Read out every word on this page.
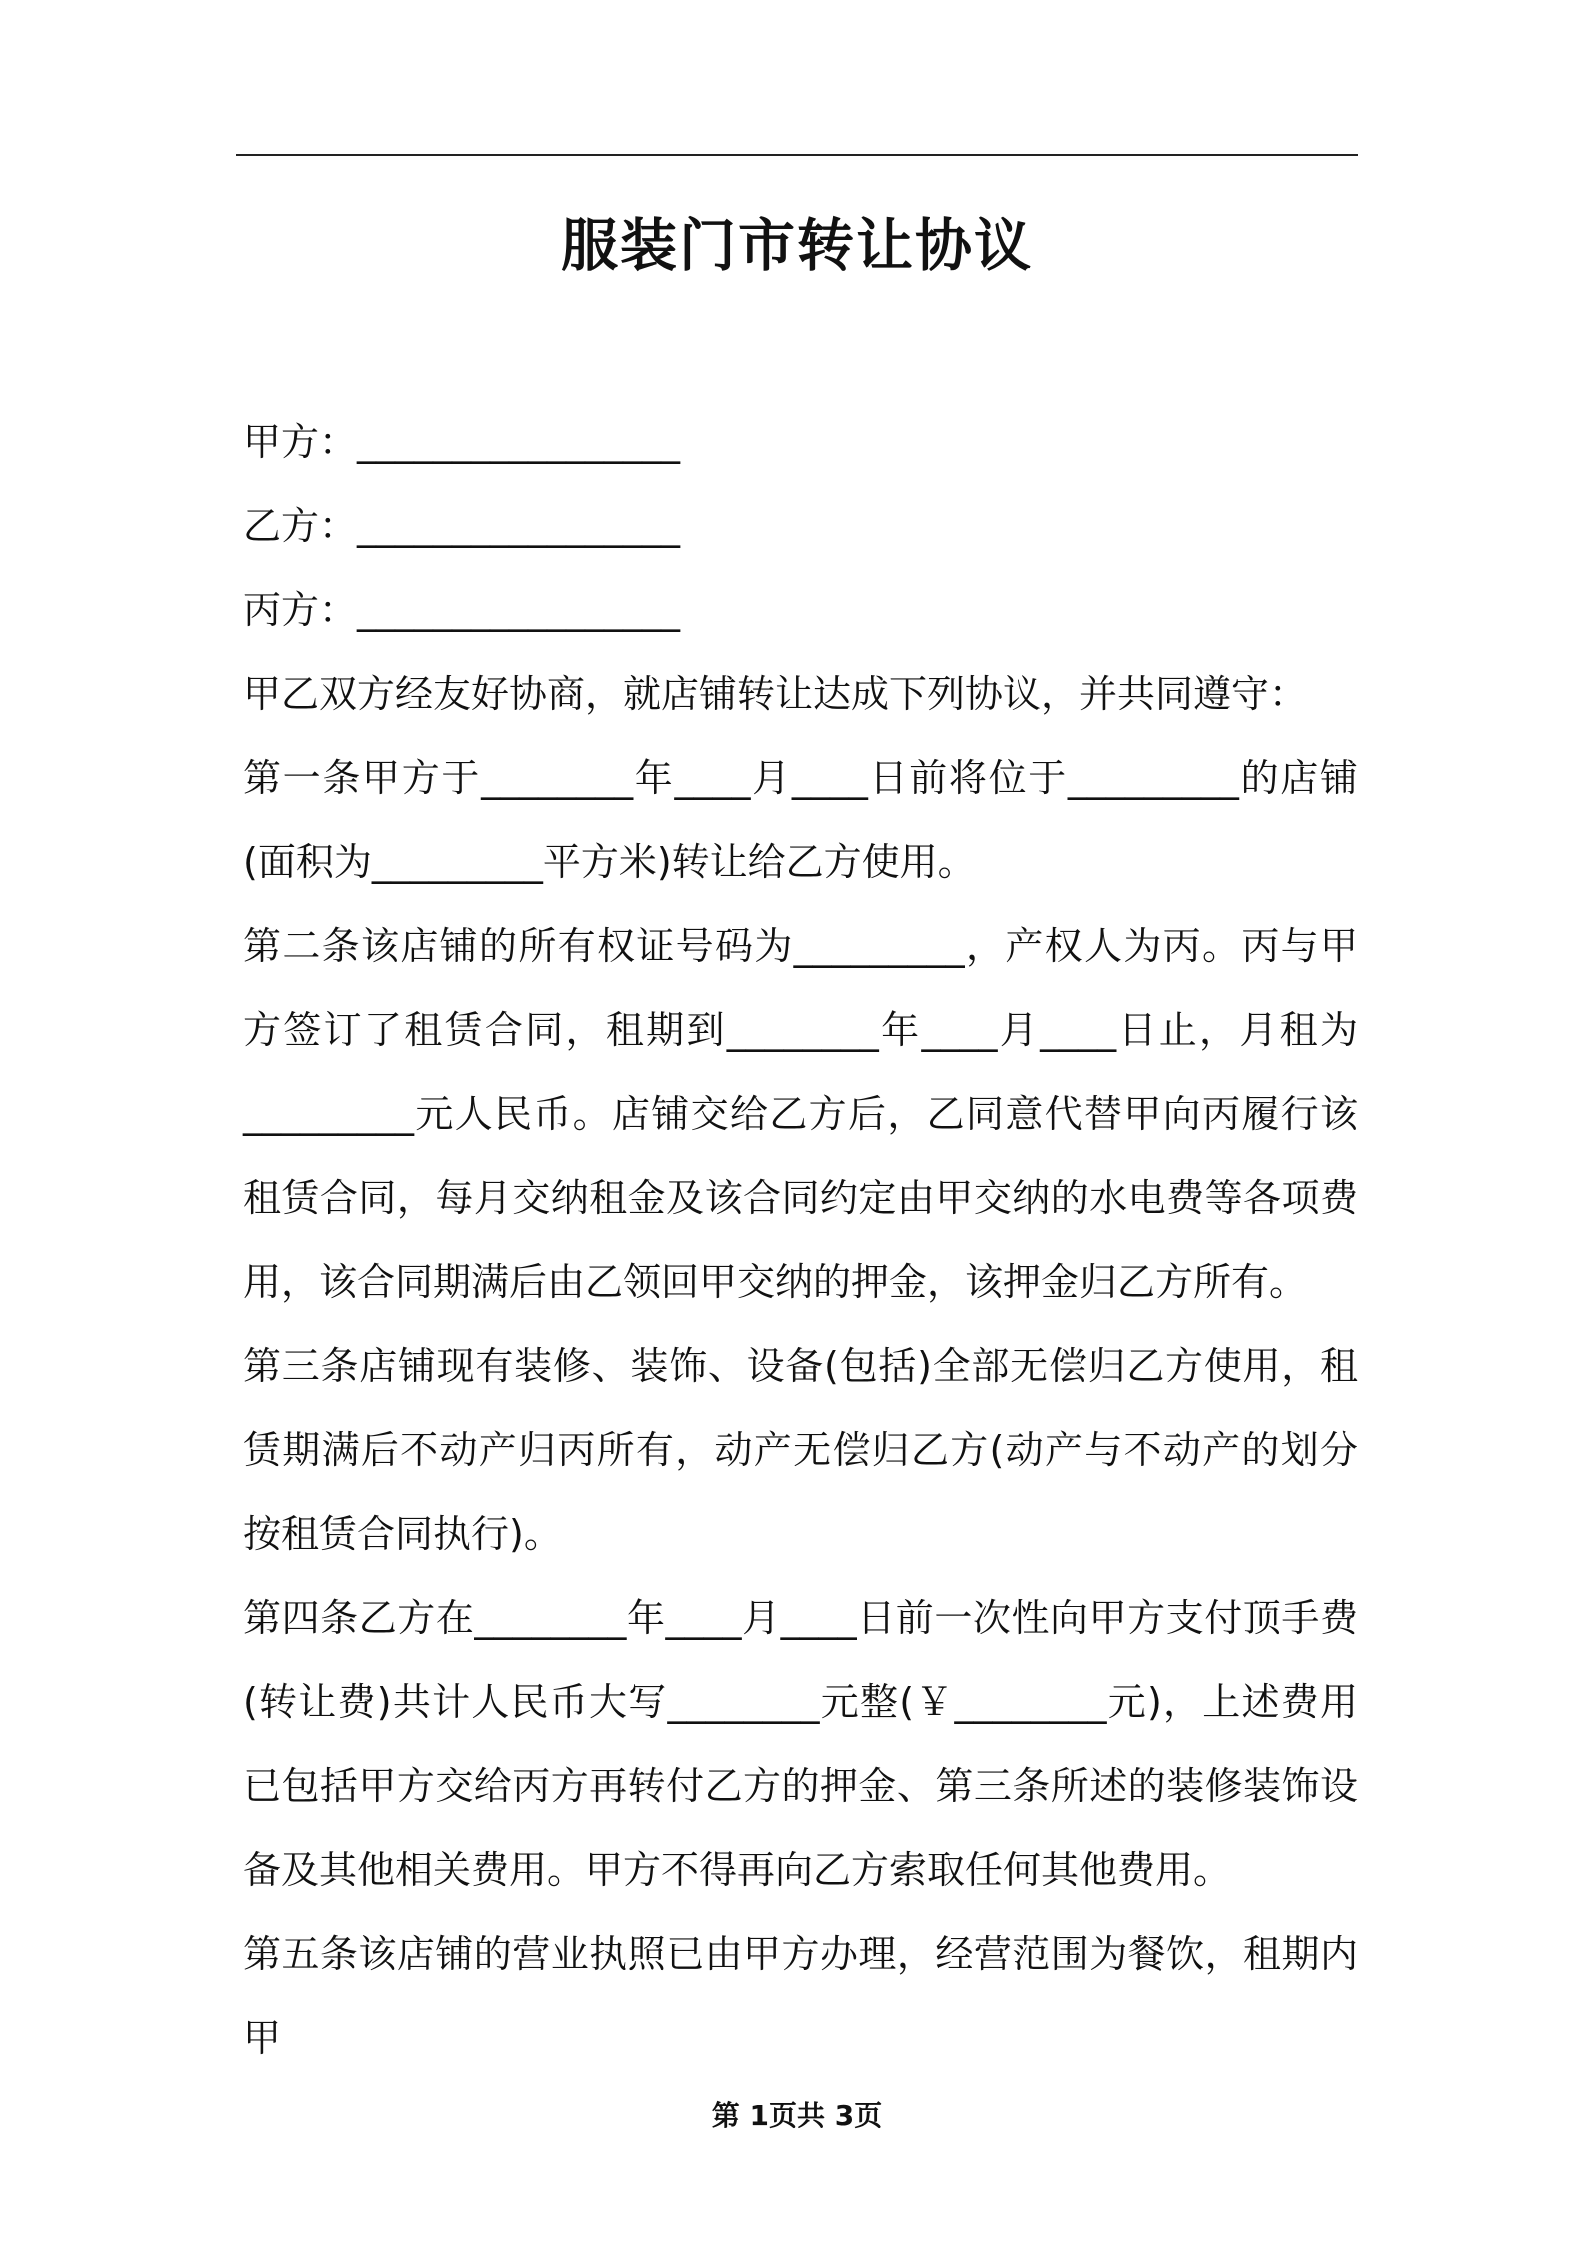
服装门市转让协议

甲方：_________________

乙方：_________________

丙方：_________________

甲乙双方经友好协商，就店铺转让达成下列协议，并共同遵守：

第一条甲方于________年____月____日前将位于_________的店铺(面积为_________平方米)转让给乙方使用。

第二条该店铺的所有权证号码为_________，产权人为丙。丙与甲方签订了租赁合同，租期到________年____月____日止，月租为_________元人民币。店铺交给乙方后，乙同意代替甲向丙履行该租赁合同，每月交纳租金及该合同约定由甲交纳的水电费等各项费用，该合同期满后由乙领回甲交纳的押金，该押金归乙方所有。

第三条店铺现有装修、装饰、设备(包括)全部无偿归乙方使用，租赁期满后不动产归丙所有，动产无偿归乙方(动产与不动产的划分按租赁合同执行)。

第四条乙方在________年____月____日前一次性向甲方支付顶手费(转让费)共计人民币大写________元整(￥________元)，上述费用已包括甲方交给丙方再转付乙方的押金、第三条所述的装修装饰设备及其他相关费用。甲方不得再向乙方索取任何其他费用。

第五条该店铺的营业执照已由甲方办理，经营范围为餐饮，租期内甲

第 1页共 3页
